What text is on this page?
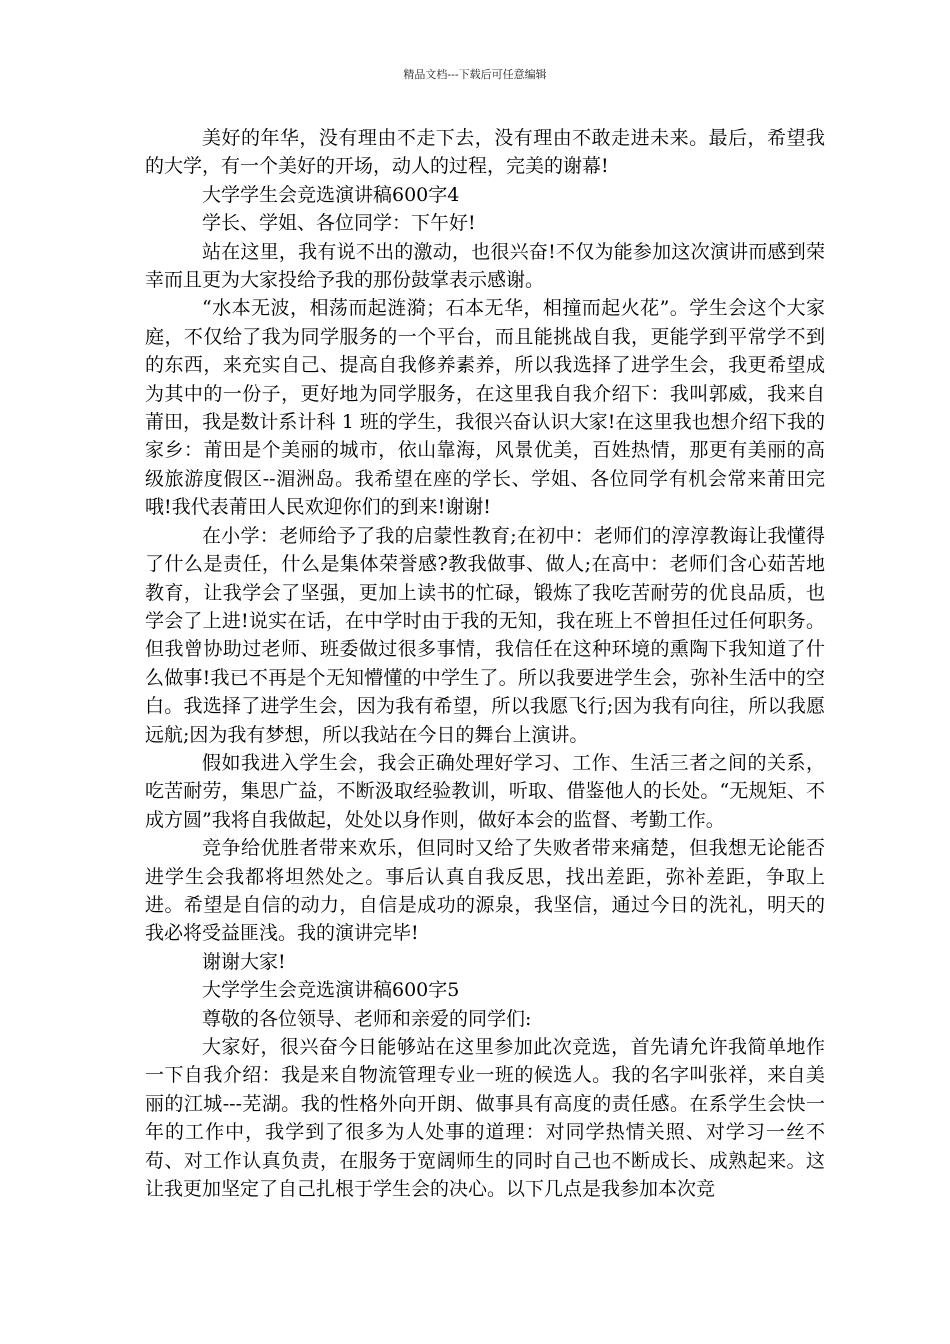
精品文档---下载后可任意编辑

美好的年华，没有理由不走下去，没有理由不敢走进未来。最后，希望我的大学，有一个美好的开场，动人的过程，完美的谢幕!

大学学生会竞选演讲稿600字4

学长、学姐、各位同学：下午好!

站在这里，我有说不出的激动，也很兴奋!不仅为能参加这次演讲而感到荣幸而且更为大家投给予我的那份鼓掌表示感谢。

“水本无波，相荡而起涟漪；石本无华，相撞而起火花”。学生会这个大家庭，不仅给了我为同学服务的一个平台，而且能挑战自我，更能学到平常学不到的东西，来充实自己、提高自我修养素养，所以我选择了进学生会，我更希望成为其中的一份子，更好地为同学服务，在这里我自我介绍下：我叫郭威，我来自莆田，我是数计系计科 1 班的学生，我很兴奋认识大家!在这里我也想介绍下我的家乡：莆田是个美丽的城市，依山靠海，风景优美，百姓热情，那更有美丽的高级旅游度假区--湄洲岛。我希望在座的学长、学姐、各位同学有机会常来莆田完哦!我代表莆田人民欢迎你们的到来!谢谢!

在小学：老师给予了我的启蒙性教育;在初中：老师们的淳淳教诲让我懂得了什么是责任，什么是集体荣誉感?教我做事、做人;在高中：老师们含心茹苦地教育，让我学会了坚强，更加上读书的忙碌，锻炼了我吃苦耐劳的优良品质，也学会了上进!说实在话，在中学时由于我的无知，我在班上不曾担任过任何职务。但我曾协助过老师、班委做过很多事情，我信任在这种环境的熏陶下我知道了什么做事!我已不再是个无知懵懂的中学生了。所以我要进学生会，弥补生活中的空白。我选择了进学生会，因为我有希望，所以我愿飞行;因为我有向往，所以我愿远航;因为我有梦想，所以我站在今日的舞台上演讲。

假如我进入学生会，我会正确处理好学习、工作、生活三者之间的关系，吃苦耐劳，集思广益，不断汲取经验教训，听取、借鉴他人的长处。“无规矩、不成方圆”我将自我做起，处处以身作则，做好本会的监督、考勤工作。

竞争给优胜者带来欢乐，但同时又给了失败者带来痛楚，但我想无论能否进学生会我都将坦然处之。事后认真自我反思，找出差距，弥补差距，争取上进。希望是自信的动力，自信是成功的源泉，我坚信，通过今日的洗礼，明天的我必将受益匪浅。我的演讲完毕!

谢谢大家!

大学学生会竞选演讲稿600字5

尊敬的各位领导、老师和亲爱的同学们:

大家好，很兴奋今日能够站在这里参加此次竞选，首先请允许我简单地作一下自我介绍：我是来自物流管理专业一班的候选人。我的名字叫张祥，来自美丽的江城---芜湖。我的性格外向开朗、做事具有高度的责任感。在系学生会快一年的工作中，我学到了很多为人处事的道理：对同学热情关照、对学习一丝不苟、对工作认真负责，在服务于宽阔师生的同时自己也不断成长、成熟起来。这让我更加坚定了自己扎根于学生会的决心。以下几点是我参加本次竞
